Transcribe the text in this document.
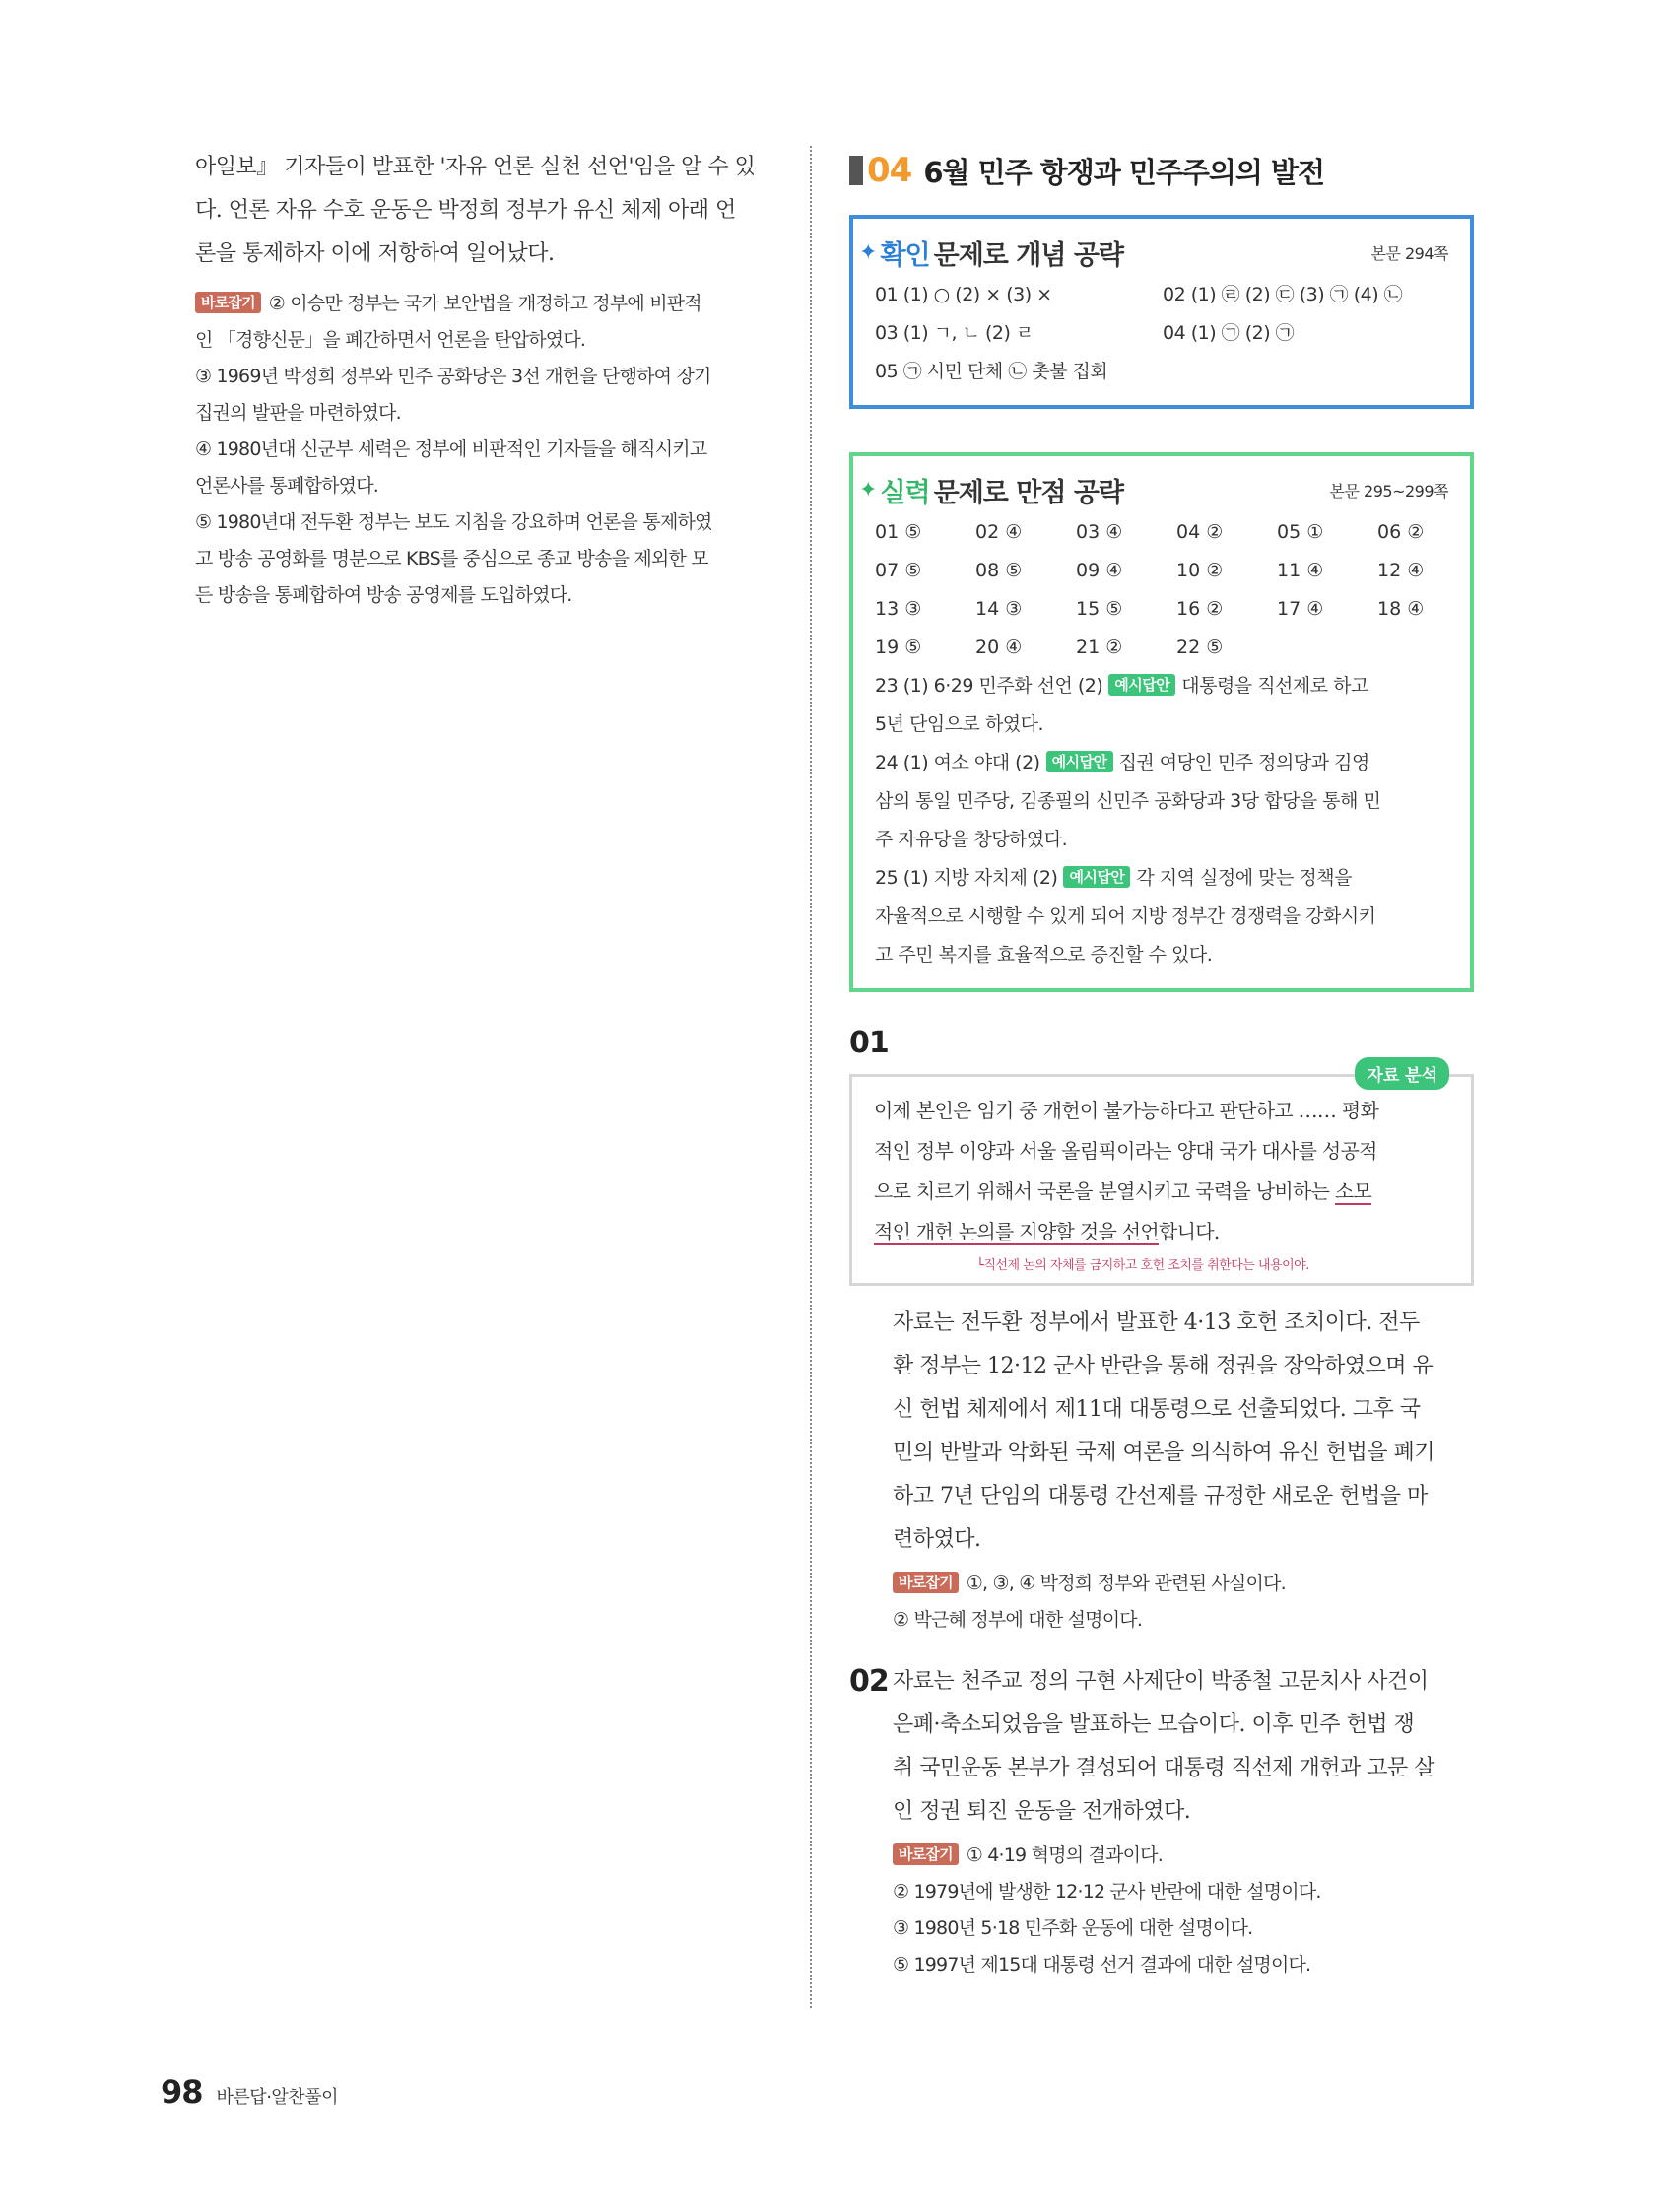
아일보』 기자들이 발표한 '자유 언론 실천 선언'임을 알 수 있
다. 언론 자유 수호 운동은 박정희 정부가 유신 체제 아래 언
론을 통제하자 이에 저항하여 일어났다.
바로잡기 ② 이승만 정부는 국가 보안법을 개정하고 정부에 비판적
인 「경향신문」을 폐간하면서 언론을 탄압하였다.
③ 1969년 박정희 정부와 민주 공화당은 3선 개헌을 단행하여 장기
집권의 발판을 마련하였다.
④ 1980년대 신군부 세력은 정부에 비판적인 기자들을 해직시키고
언론사를 통폐합하였다.
⑤ 1980년대 전두환 정부는 보도 지침을 강요하며 언론을 통제하였
고 방송 공영화를 명분으로 KBS를 중심으로 종교 방송을 제외한 모
든 방송을 통폐합하여 방송 공영제를 도입하였다.
04 6월 민주 항쟁과 민주주의의 발전
✦ 확인 문제로 개념 공략	본문 294쪽
01 (1) ○ (2) × (3) ×	02 (1) ㉣ (2) ㉢ (3) ㉠ (4) ㉡
03 (1) ㄱ, ㄴ (2) ㄹ	04 (1) ㉠ (2) ㉠
05 ㉠ 시민 단체 ㉡ 촛불 집회
✦ 실력 문제로 만점 공략	본문 295~299쪽
01 ⑤	02 ④	03 ④	04 ②	05 ①	06 ②
07 ⑤	08 ⑤	09 ④	10 ②	11 ④	12 ④
13 ③	14 ③	15 ⑤	16 ②	17 ④	18 ④
19 ⑤	20 ④	21 ②	22 ⑤
23 (1) 6·29 민주화 선언 (2) 예시답안 대통령을 직선제로 하고
5년 단임으로 하였다.
24 (1) 여소 야대 (2) 예시답안 집권 여당인 민주 정의당과 김영
삼의 통일 민주당, 김종필의 신민주 공화당과 3당 합당을 통해 민
주 자유당을 창당하였다.
25 (1) 지방 자치제 (2) 예시답안 각 지역 실정에 맞는 정책을
자율적으로 시행할 수 있게 되어 지방 정부간 경쟁력을 강화시키
고 주민 복지를 효율적으로 증진할 수 있다.
01
자료 분석
이제 본인은 임기 중 개헌이 불가능하다고 판단하고 …… 평화
적인 정부 이양과 서울 올림픽이라는 양대 국가 대사를 성공적
으로 치르기 위해서 국론을 분열시키고 국력을 낭비하는 소모
적인 개헌 논의를 지양할 것을 선언합니다.
└직선제 논의 자체를 금지하고 호헌 조치를 취한다는 내용이야.
자료는 전두환 정부에서 발표한 4·13 호헌 조치이다. 전두
환 정부는 12·12 군사 반란을 통해 정권을 장악하였으며 유
신 헌법 체제에서 제11대 대통령으로 선출되었다. 그후 국
민의 반발과 악화된 국제 여론을 의식하여 유신 헌법을 폐기
하고 7년 단임의 대통령 간선제를 규정한 새로운 헌법을 마
련하였다.
바로잡기 ①, ③, ④ 박정희 정부와 관련된 사실이다.
② 박근혜 정부에 대한 설명이다.
02 자료는 천주교 정의 구현 사제단이 박종철 고문치사 사건이
은폐·축소되었음을 발표하는 모습이다. 이후 민주 헌법 쟁
취 국민운동 본부가 결성되어 대통령 직선제 개헌과 고문 살
인 정권 퇴진 운동을 전개하였다.
바로잡기 ① 4·19 혁명의 결과이다.
② 1979년에 발생한 12·12 군사 반란에 대한 설명이다.
③ 1980년 5·18 민주화 운동에 대한 설명이다.
⑤ 1997년 제15대 대통령 선거 결과에 대한 설명이다.
98 바른답·알찬풀이
